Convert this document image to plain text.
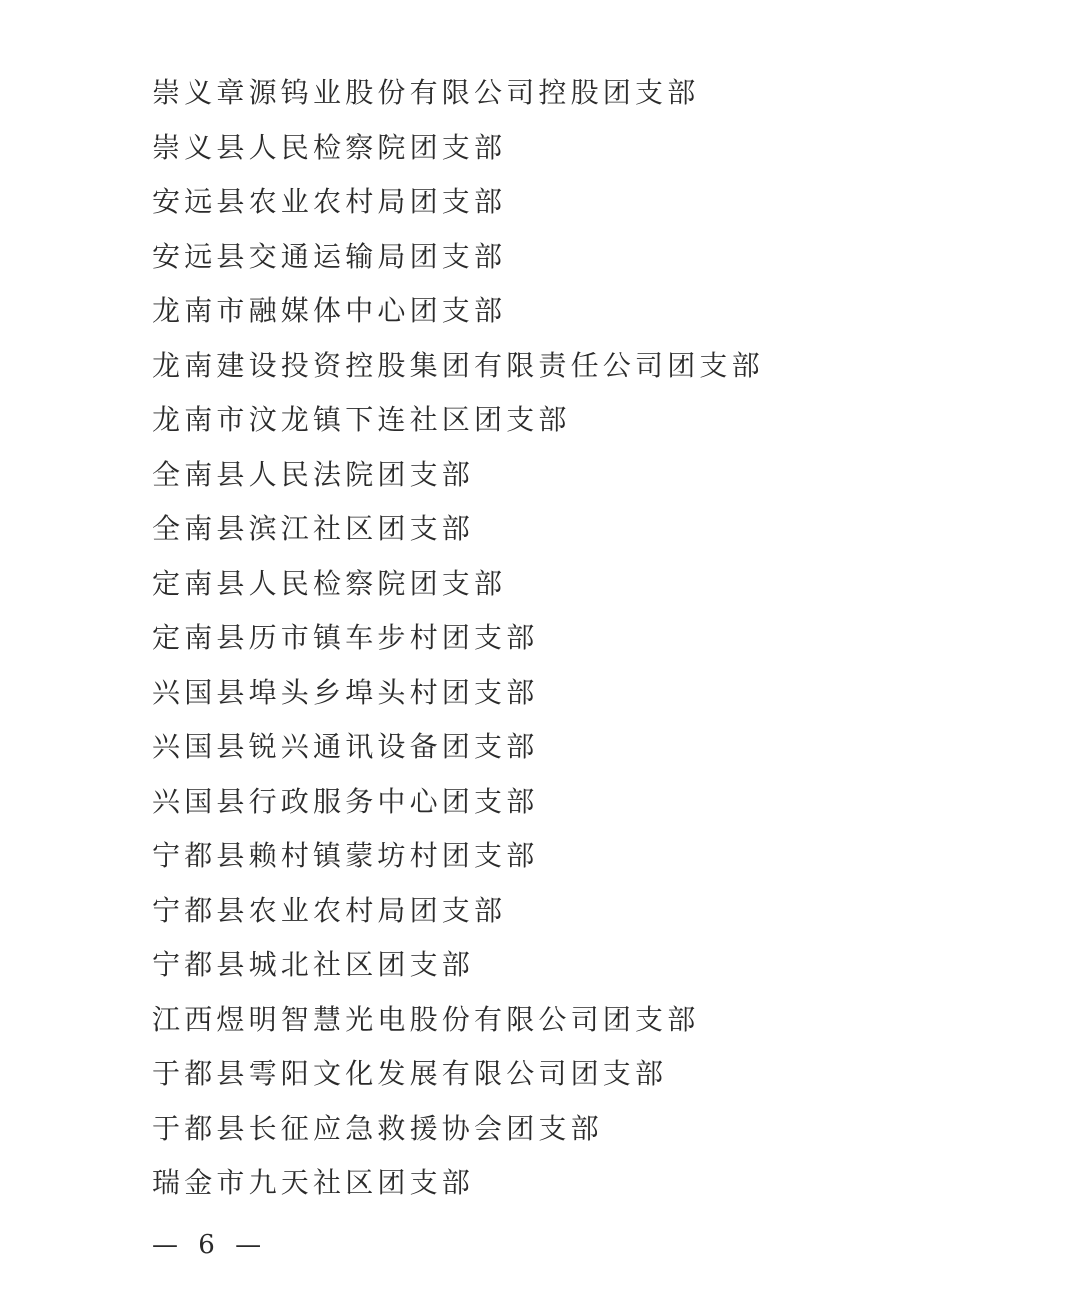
崇义章源钨业股份有限公司控股团支部
崇义县人民检察院团支部
安远县农业农村局团支部
安远县交通运输局团支部
龙南市融媒体中心团支部
龙南建设投资控股集团有限责任公司团支部
龙南市汶龙镇下连社区团支部
全南县人民法院团支部
全南县滨江社区团支部
定南县人民检察院团支部
定南县历市镇车步村团支部
兴国县埠头乡埠头村团支部
兴国县锐兴通讯设备团支部
兴国县行政服务中心团支部
宁都县赖村镇蒙坊村团支部
宁都县农业农村局团支部
宁都县城北社区团支部
江西煜明智慧光电股份有限公司团支部
于都县雩阳文化发展有限公司团支部
于都县长征应急救援协会团支部
瑞金市九天社区团支部
— 6 —
